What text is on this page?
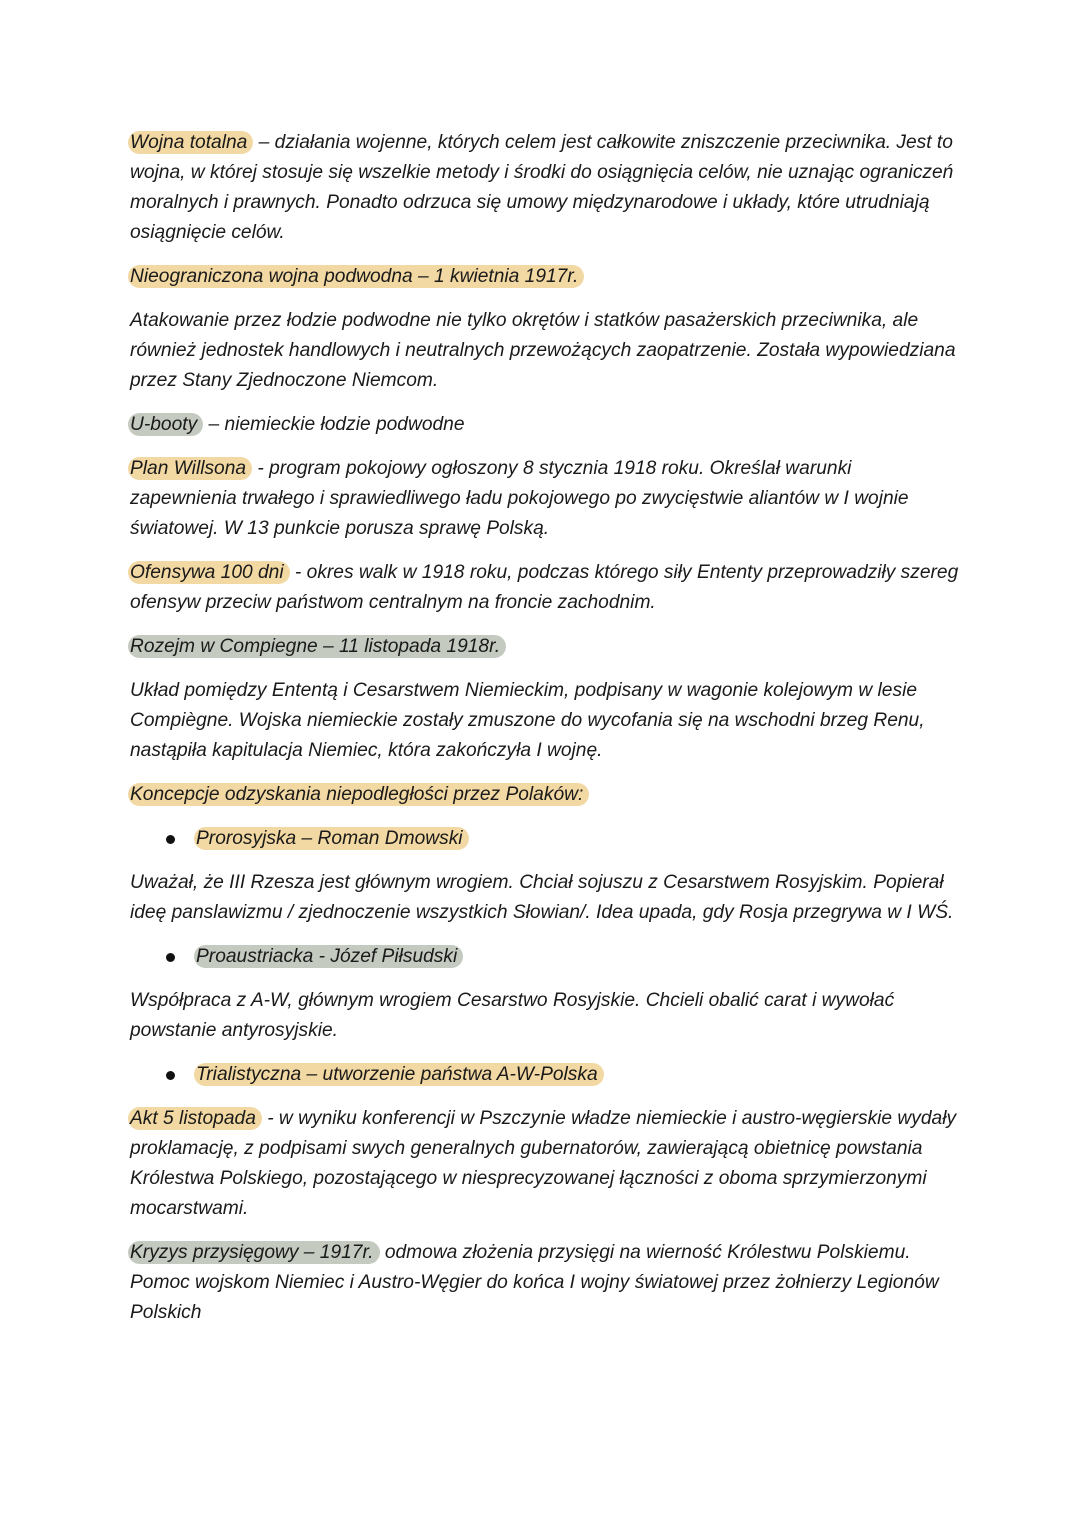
Wojna totalna – działania wojenne, których celem jest całkowite zniszczenie przeciwnika. Jest to wojna, w której stosuje się wszelkie metody i środki do osiągnięcia celów, nie uznając ograniczeń moralnych i prawnych. Ponadto odrzuca się umowy międzynarodowe i układy, które utrudniają osiągnięcie celów.

Nieograniczona wojna podwodna – 1 kwietnia 1917r.

Atakowanie przez łodzie podwodne nie tylko okrętów i statków pasażerskich przeciwnika, ale również jednostek handlowych i neutralnych przewożących zaopatrzenie. Została wypowiedziana przez Stany Zjednoczone Niemcom.

U-booty – niemieckie łodzie podwodne

Plan Willsona - program pokojowy ogłoszony 8 stycznia 1918 roku. Określał warunki zapewnienia trwałego i sprawiedliwego ładu pokojowego po zwycięstwie aliantów w I wojnie światowej. W 13 punkcie porusza sprawę Polską.

Ofensywa 100 dni - okres walk w 1918 roku, podczas którego siły Ententy przeprowadziły szereg ofensyw przeciw państwom centralnym na froncie zachodnim.

Rozejm w Compiegne – 11 listopada 1918r.

Układ pomiędzy Ententą i Cesarstwem Niemieckim, podpisany w wagonie kolejowym w lesie Compiègne. Wojska niemieckie zostały zmuszone do wycofania się na wschodni brzeg Renu, nastąpiła kapitulacja Niemiec, która zakończyła I wojnę.

Koncepcje odzyskania niepodległości przez Polaków:

Prorosyjska – Roman Dmowski

Uważał, że III Rzesza jest głównym wrogiem. Chciał sojuszu z Cesarstwem Rosyjskim. Popierał ideę panslawizmu / zjednoczenie wszystkich Słowian/. Idea upada, gdy Rosja przegrywa w I WŚ.

Proaustriacka - Józef Piłsudski

Współpraca z A-W, głównym wrogiem Cesarstwo Rosyjskie. Chcieli obalić carat i wywołać powstanie antyrosyjskie.

Trialistyczna – utworzenie państwa A-W-Polska

Akt 5 listopada - w wyniku konferencji w Pszczynie władze niemieckie i austro-węgierskie wydały proklamację, z podpisami swych generalnych gubernatorów, zawierającą obietnicę powstania Królestwa Polskiego, pozostającego w niesprecyzowanej łączności z oboma sprzymierzonymi mocarstwami.

Kryzys przysięgowy – 1917r. odmowa złożenia przysięgi na wierność Królestwu Polskiemu. Pomoc wojskom Niemiec i Austro-Węgier do końca I wojny światowej przez żołnierzy Legionów Polskich
